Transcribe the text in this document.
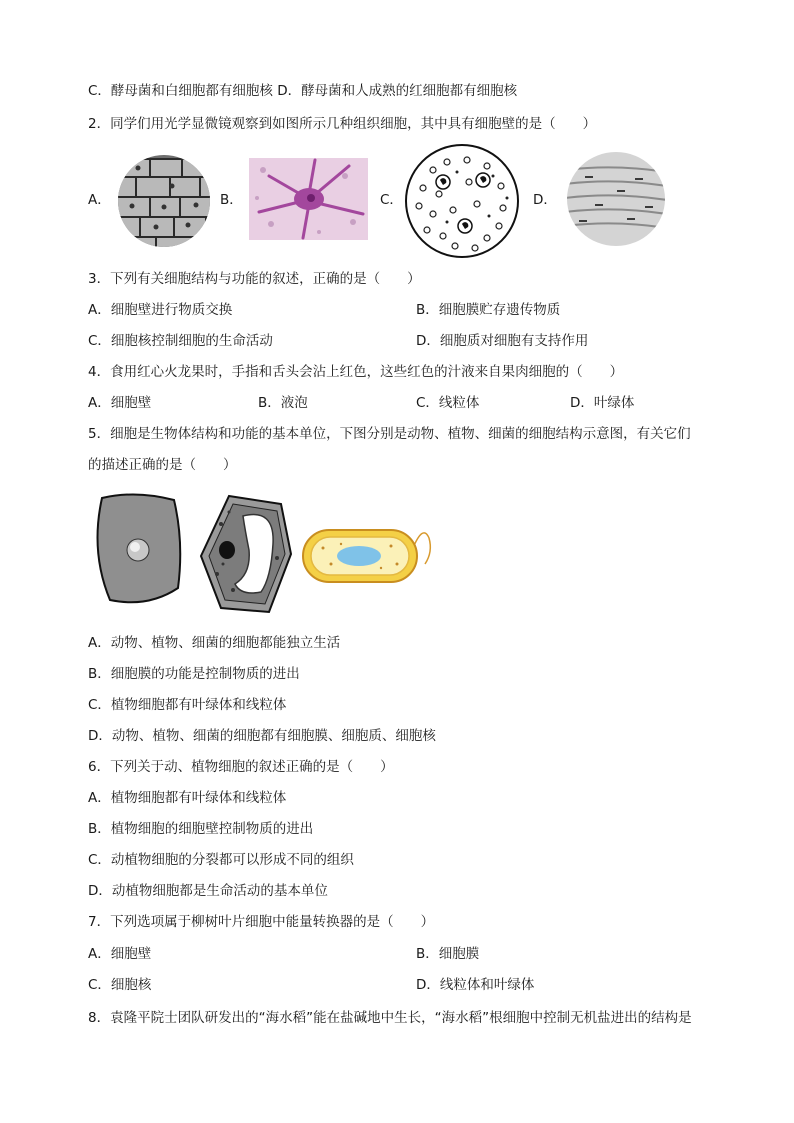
C．酵母菌和白细胞都有细胞核 D．酵母菌和人成熟的红细胞都有细胞核
2．同学们用光学显微镜观察到如图所示几种组织细胞，其中具有细胞壁的是（　　）
A．	B．	C．	D．
3．下列有关细胞结构与功能的叙述，正确的是（　　）
A．细胞壁进行物质交换	B．细胞膜贮存遗传物质
C．细胞核控制细胞的生命活动	D．细胞质对细胞有支持作用
4．食用红心火龙果时，手指和舌头会沾上红色，这些红色的汁液来自果肉细胞的（　　）
A．细胞壁	B．液泡	C．线粒体	D．叶绿体
5．细胞是生物体结构和功能的基本单位，下图分别是动物、植物、细菌的细胞结构示意图，有关它们
的描述正确的是（　　）
A．动物、植物、细菌的细胞都能独立生活
B．细胞膜的功能是控制物质的进出
C．植物细胞都有叶绿体和线粒体
D．动物、植物、细菌的细胞都有细胞膜、细胞质、细胞核
6．下列关于动、植物细胞的叙述正确的是（　　）
A．植物细胞都有叶绿体和线粒体
B．植物细胞的细胞壁控制物质的进出
C．动植物细胞的分裂都可以形成不同的组织
D．动植物细胞都是生命活动的基本单位
7．下列选项属于柳树叶片细胞中能量转换器的是（　　）
A．细胞壁	B．细胞膜
C．细胞核	D．线粒体和叶绿体
8．袁隆平院士团队研发出的“海水稻”能在盐碱地中生长，“海水稻”根细胞中控制无机盐进出的结构是
